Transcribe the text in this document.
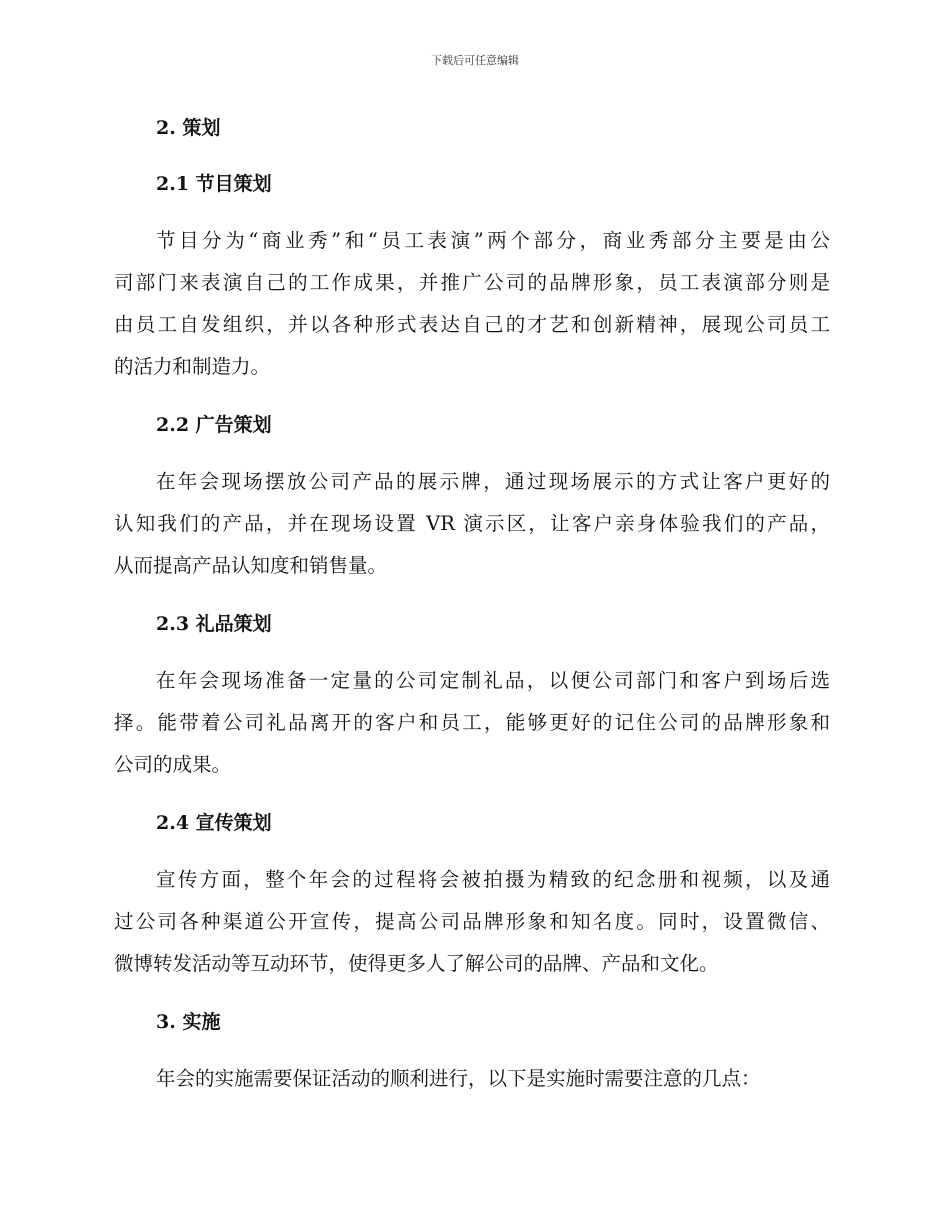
下载后可任意编辑
2. 策划
2.1 节目策划
节目分为“商业秀”和“员工表演”两个部分，商业秀部分主要是由公
司部门来表演自己的工作成果，并推广公司的品牌形象，员工表演部分则是
由员工自发组织，并以各种形式表达自己的才艺和创新精神，展现公司员工
的活力和制造力。
2.2 广告策划
在年会现场摆放公司产品的展示牌，通过现场展示的方式让客户更好的
认知我们的产品，并在现场设置 VR 演示区，让客户亲身体验我们的产品，
从而提高产品认知度和销售量。
2.3 礼品策划
在年会现场准备一定量的公司定制礼品，以便公司部门和客户到场后选
择。能带着公司礼品离开的客户和员工，能够更好的记住公司的品牌形象和
公司的成果。
2.4 宣传策划
宣传方面，整个年会的过程将会被拍摄为精致的纪念册和视频，以及通
过公司各种渠道公开宣传，提高公司品牌形象和知名度。同时，设置微信、
微博转发活动等互动环节，使得更多人了解公司的品牌、产品和文化。
3. 实施
年会的实施需要保证活动的顺利进行，以下是实施时需要注意的几点：
